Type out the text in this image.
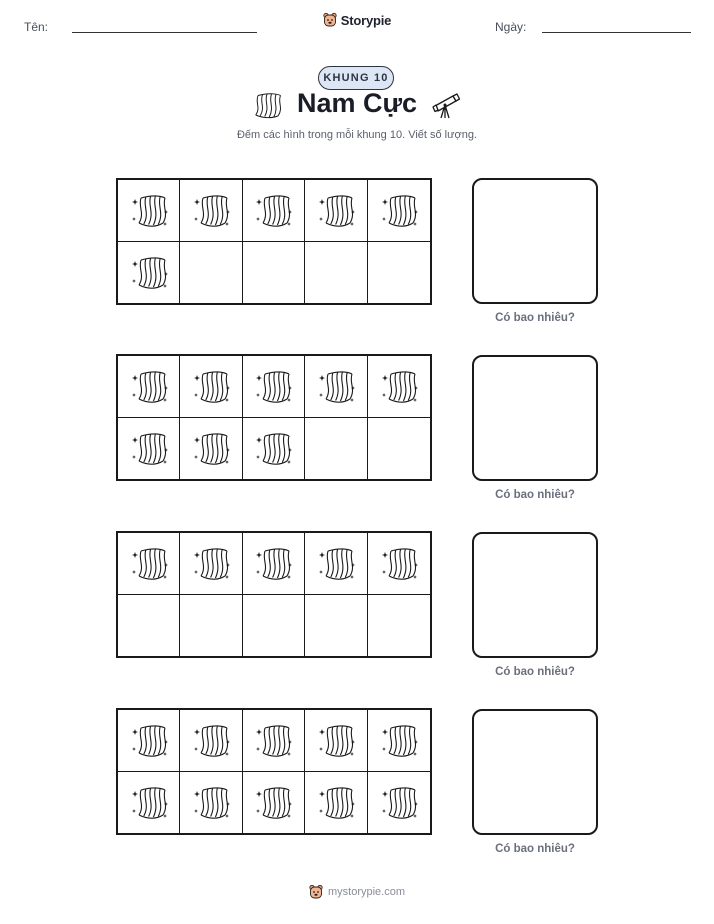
Tên:	Storypie	Ngày:
KHUNG 10
Nam Cực
Đếm các hình trong mỗi khung 10. Viết số lượng.
Có bao nhiêu?
Có bao nhiêu?
Có bao nhiêu?
Có bao nhiêu?
mystorypie.com
